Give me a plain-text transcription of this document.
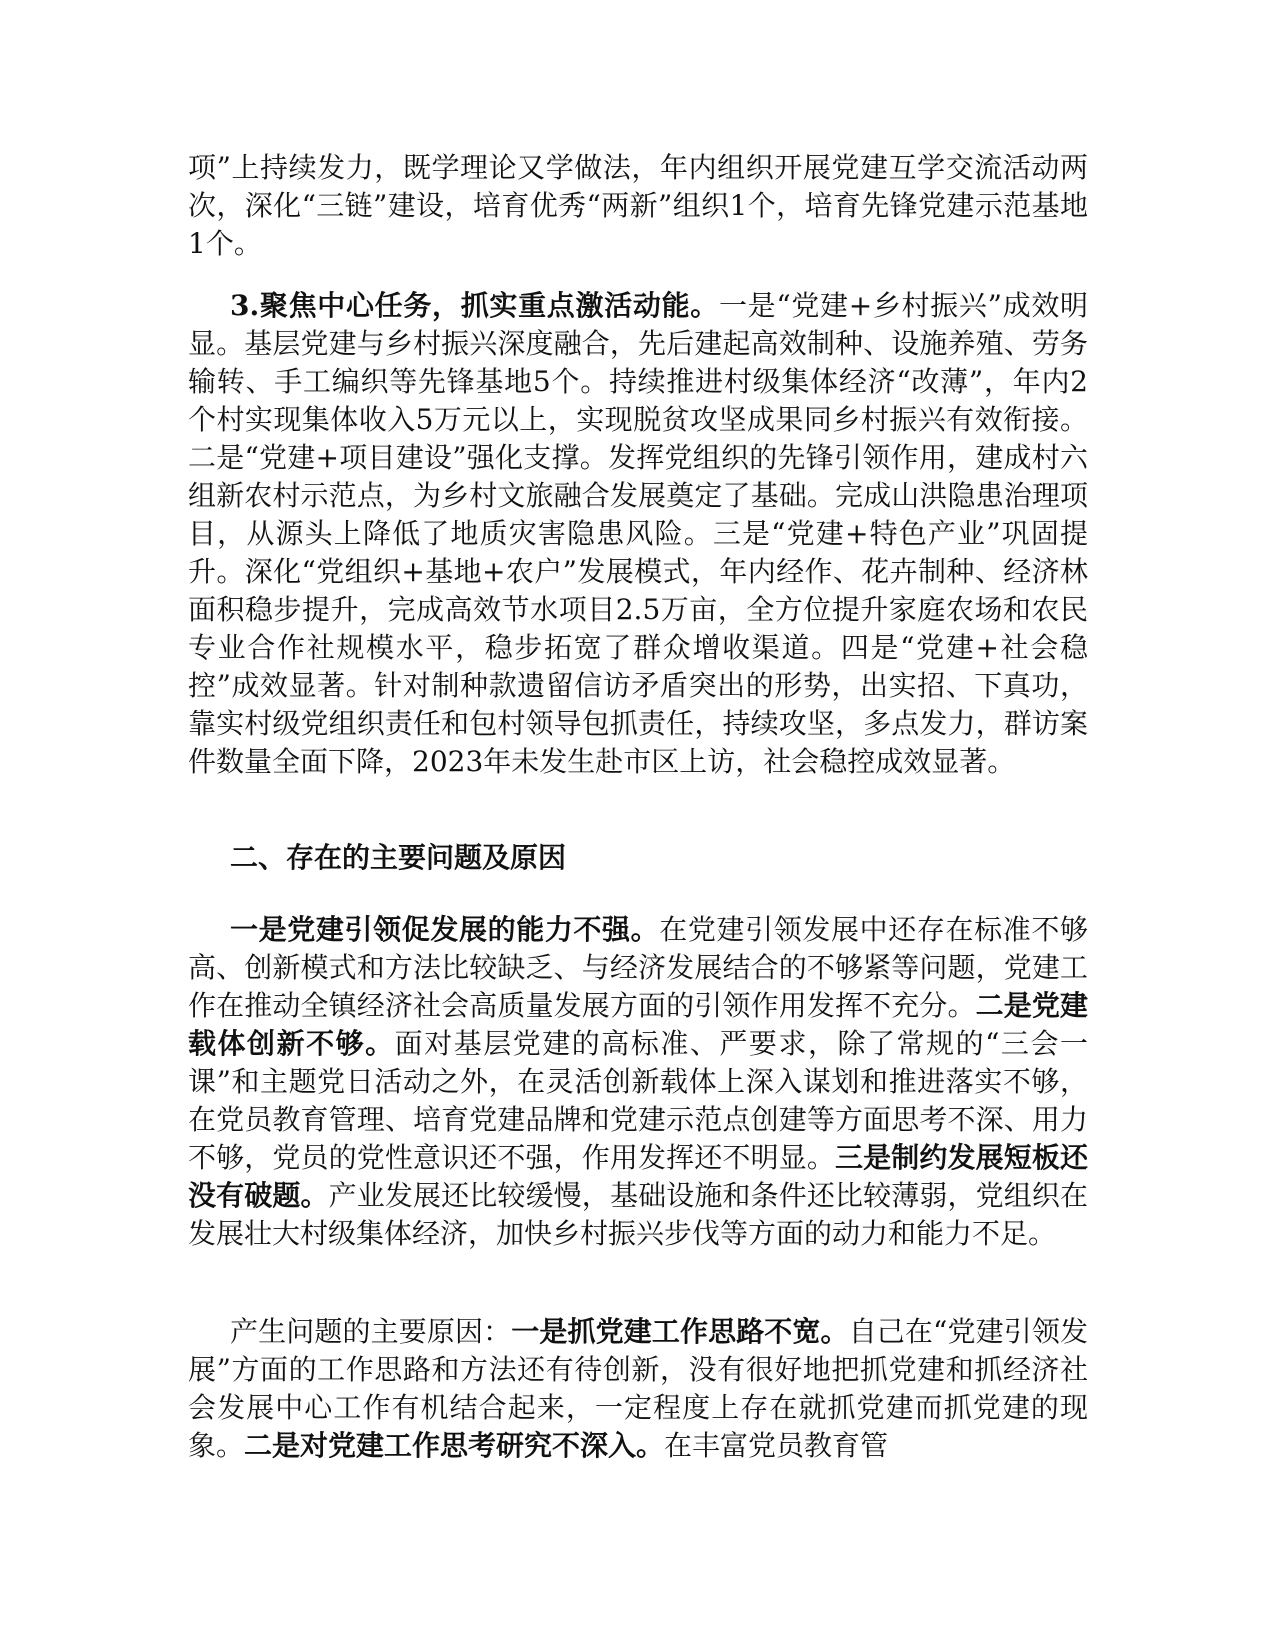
项”上持续发力，既学理论又学做法，年内组织开展党建互学交流活动两次，深化“三链”建设，培育优秀“两新”组织1个，培育先锋党建示范基地1个。

3.聚焦中心任务，抓实重点激活动能。一是“党建+乡村振兴”成效明显。基层党建与乡村振兴深度融合，先后建起高效制种、设施养殖、劳务输转、手工编织等先锋基地5个。持续推进村级集体经济“改薄”，年内2个村实现集体收入5万元以上，实现脱贫攻坚成果同乡村振兴有效衔接。二是“党建+项目建设”强化支撑。发挥党组织的先锋引领作用，建成村六组新农村示范点，为乡村文旅融合发展奠定了基础。完成山洪隐患治理项目，从源头上降低了地质灾害隐患风险。三是“党建+特色产业”巩固提升。深化“党组织+基地+农户”发展模式，年内经作、花卉制种、经济林面积稳步提升，完成高效节水项目2.5万亩，全方位提升家庭农场和农民专业合作社规模水平，稳步拓宽了群众增收渠道。四是“党建+社会稳控”成效显著。针对制种款遗留信访矛盾突出的形势，出实招、下真功，靠实村级党组织责任和包村领导包抓责任，持续攻坚，多点发力，群访案件数量全面下降，2023年未发生赴市区上访，社会稳控成效显著。

二、存在的主要问题及原因

一是党建引领促发展的能力不强。在党建引领发展中还存在标准不够高、创新模式和方法比较缺乏、与经济发展结合的不够紧等问题，党建工作在推动全镇经济社会高质量发展方面的引领作用发挥不充分。二是党建载体创新不够。面对基层党建的高标准、严要求，除了常规的“三会一课”和主题党日活动之外，在灵活创新载体上深入谋划和推进落实不够，在党员教育管理、培育党建品牌和党建示范点创建等方面思考不深、用力不够，党员的党性意识还不强，作用发挥还不明显。三是制约发展短板还没有破题。产业发展还比较缓慢，基础设施和条件还比较薄弱，党组织在发展壮大村级集体经济，加快乡村振兴步伐等方面的动力和能力不足。

产生问题的主要原因：一是抓党建工作思路不宽。自己在“党建引领发展”方面的工作思路和方法还有待创新，没有很好地把抓党建和抓经济社会发展中心工作有机结合起来，一定程度上存在就抓党建而抓党建的现象。二是对党建工作思考研究不深入。在丰富党员教育管
